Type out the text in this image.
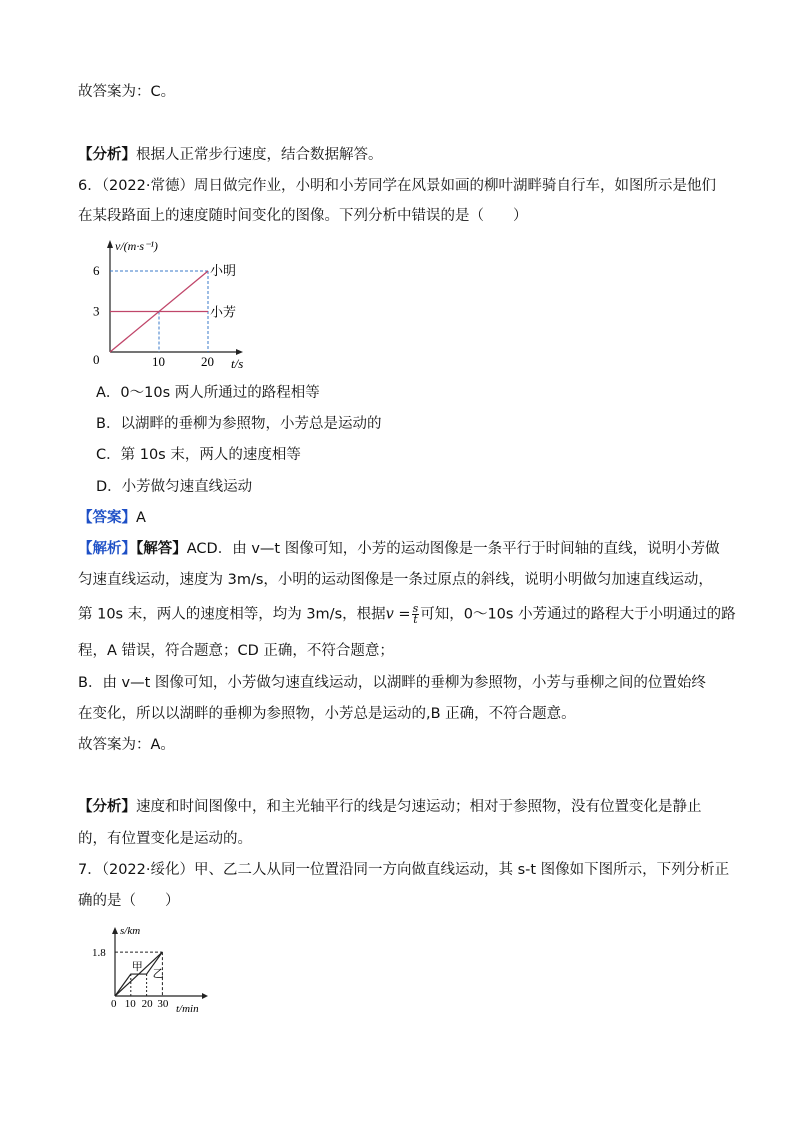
故答案为：C。
【分析】根据人正常步行速度，结合数据解答。
6．（2022·常德）周日做完作业，小明和小芳同学在风景如画的柳叶湖畔骑自行车，如图所示是他们
在某段路面上的速度随时间变化的图像。下列分析中错误的是（　　）
小明
小芳
v/(m·s⁻¹)
6
3
0	10	20 t/s
A．0～10s 两人所通过的路程相等
B．以湖畔的垂柳为参照物，小芳总是运动的
C．第 10s 末，两人的速度相等
D．小芳做匀速直线运动
【答案】A
【解析】【解答】ACD．由 v—t 图像可知，小芳的运动图像是一条平行于时间轴的直线，说明小芳做
匀速直线运动，速度为 3m/s，小明的运动图像是一条过原点的斜线，说明小明做匀加速直线运动，
第 10s 末，两人的速度相等，均为 3m/s，根据$v = \frac{s}{t}$ 可知，0～10s 小芳通过的路程大于小明通过的路
程，A 错误，符合题意；CD 正确，不符合题意；
B．由 v—t 图像可知，小芳做匀速直线运动，以湖畔的垂柳为参照物，小芳与垂柳之间的位置始终
在变化，所以以湖畔的垂柳为参照物，小芳总是运动的,B 正确，不符合题意。
故答案为：A。
【分析】速度和时间图像中，和主光轴平行的线是匀速运动；相对于参照物，没有位置变化是静止
的，有位置变化是运动的。
7．（2022·绥化）甲、乙二人从同一位置沿同一方向做直线运动，其 s-t 图像如下图所示，下列分析正
确的是（　　）
甲
乙
s/km
1.8
0 10 20 30 t/min
